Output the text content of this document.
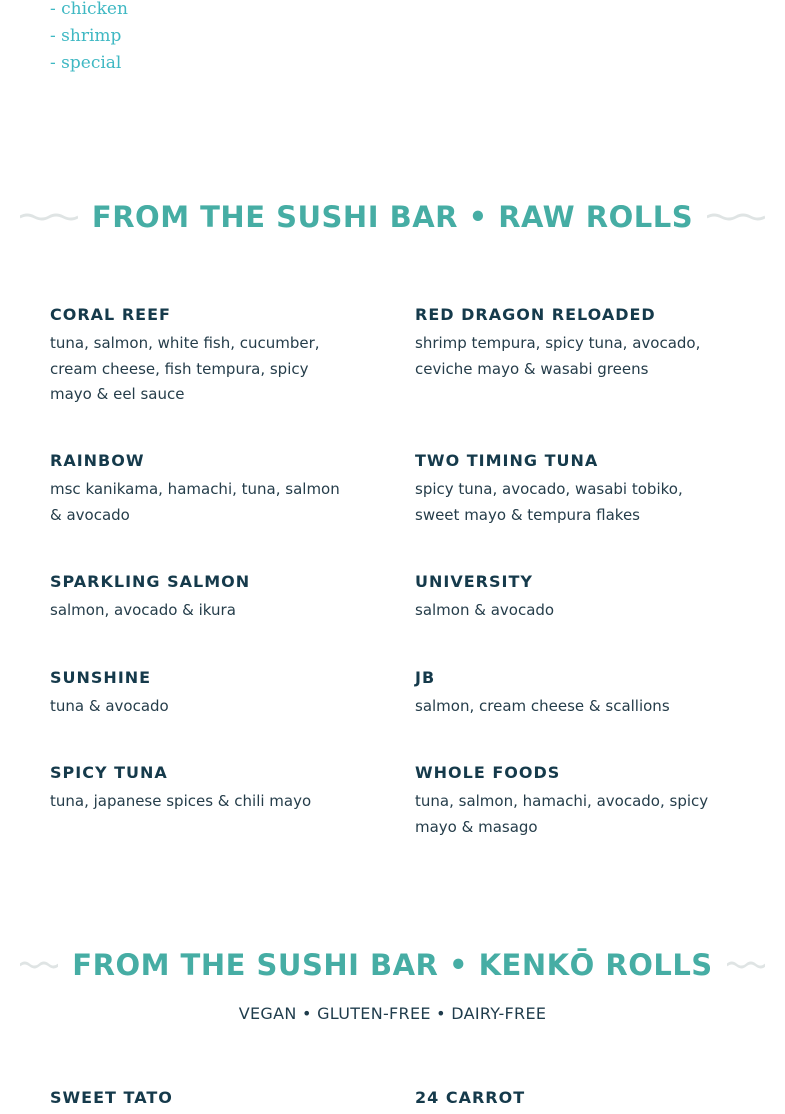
- chicken
- shrimp
- special
FROM THE SUSHI BAR • RAW ROLLS

CORAL REEF

tuna, salmon, white fish, cucumber, cream cheese, fish tempura, spicy mayo & eel sauce

RED DRAGON RELOADED

shrimp tempura, spicy tuna, avocado, ceviche mayo & wasabi greens

RAINBOW

msc kanikama, hamachi, tuna, salmon & avocado

TWO TIMING TUNA

spicy tuna, avocado, wasabi tobiko, sweet mayo & tempura flakes

SPARKLING SALMON

salmon, avocado & ikura

UNIVERSITY

salmon & avocado

SUNSHINE

tuna & avocado

JB

salmon, cream cheese & scallions

SPICY TUNA

tuna, japanese spices & chili mayo

WHOLE FOODS

tuna, salmon, hamachi, avocado, spicy mayo & masago

FROM THE SUSHI BAR • KENKŌ ROLLS
VEGAN • GLUTEN-FREE • DAIRY-FREE

SWEET TATO	24 CARROT
